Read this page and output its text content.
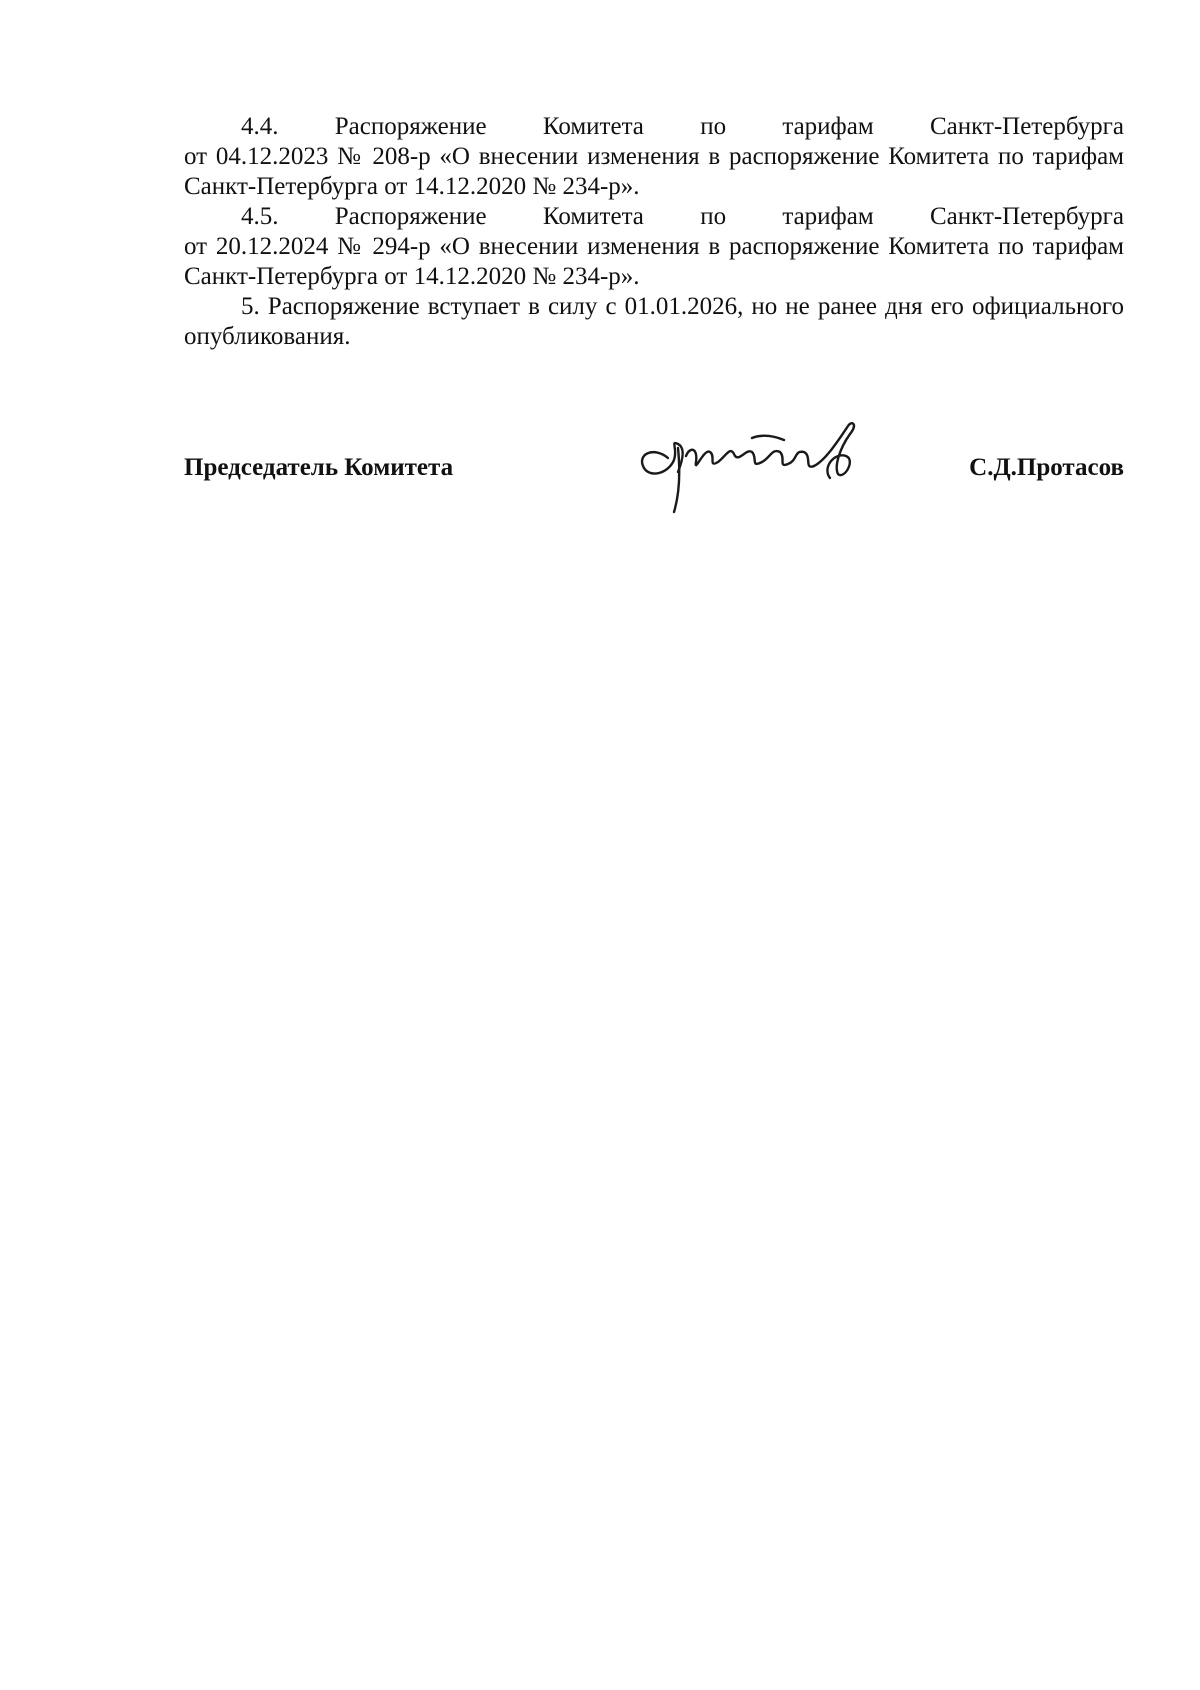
4.4. Распоряжение Комитета по тарифам Санкт-Петербурга
от 04.12.2023 № 208-р «О внесении изменения в распоряжение Комитета по тарифам Санкт-Петербурга от 14.12.2020 № 234-р».
4.5. Распоряжение Комитета по тарифам Санкт-Петербурга
от 20.12.2024 № 294-р «О внесении изменения в распоряжение Комитета по тарифам Санкт-Петербурга от 14.12.2020 № 234-р».

5. Распоряжение вступает в силу с 01.01.2026, но не ранее дня его официального опубликования.

Председатель Комитета	С.Д.Протасов
